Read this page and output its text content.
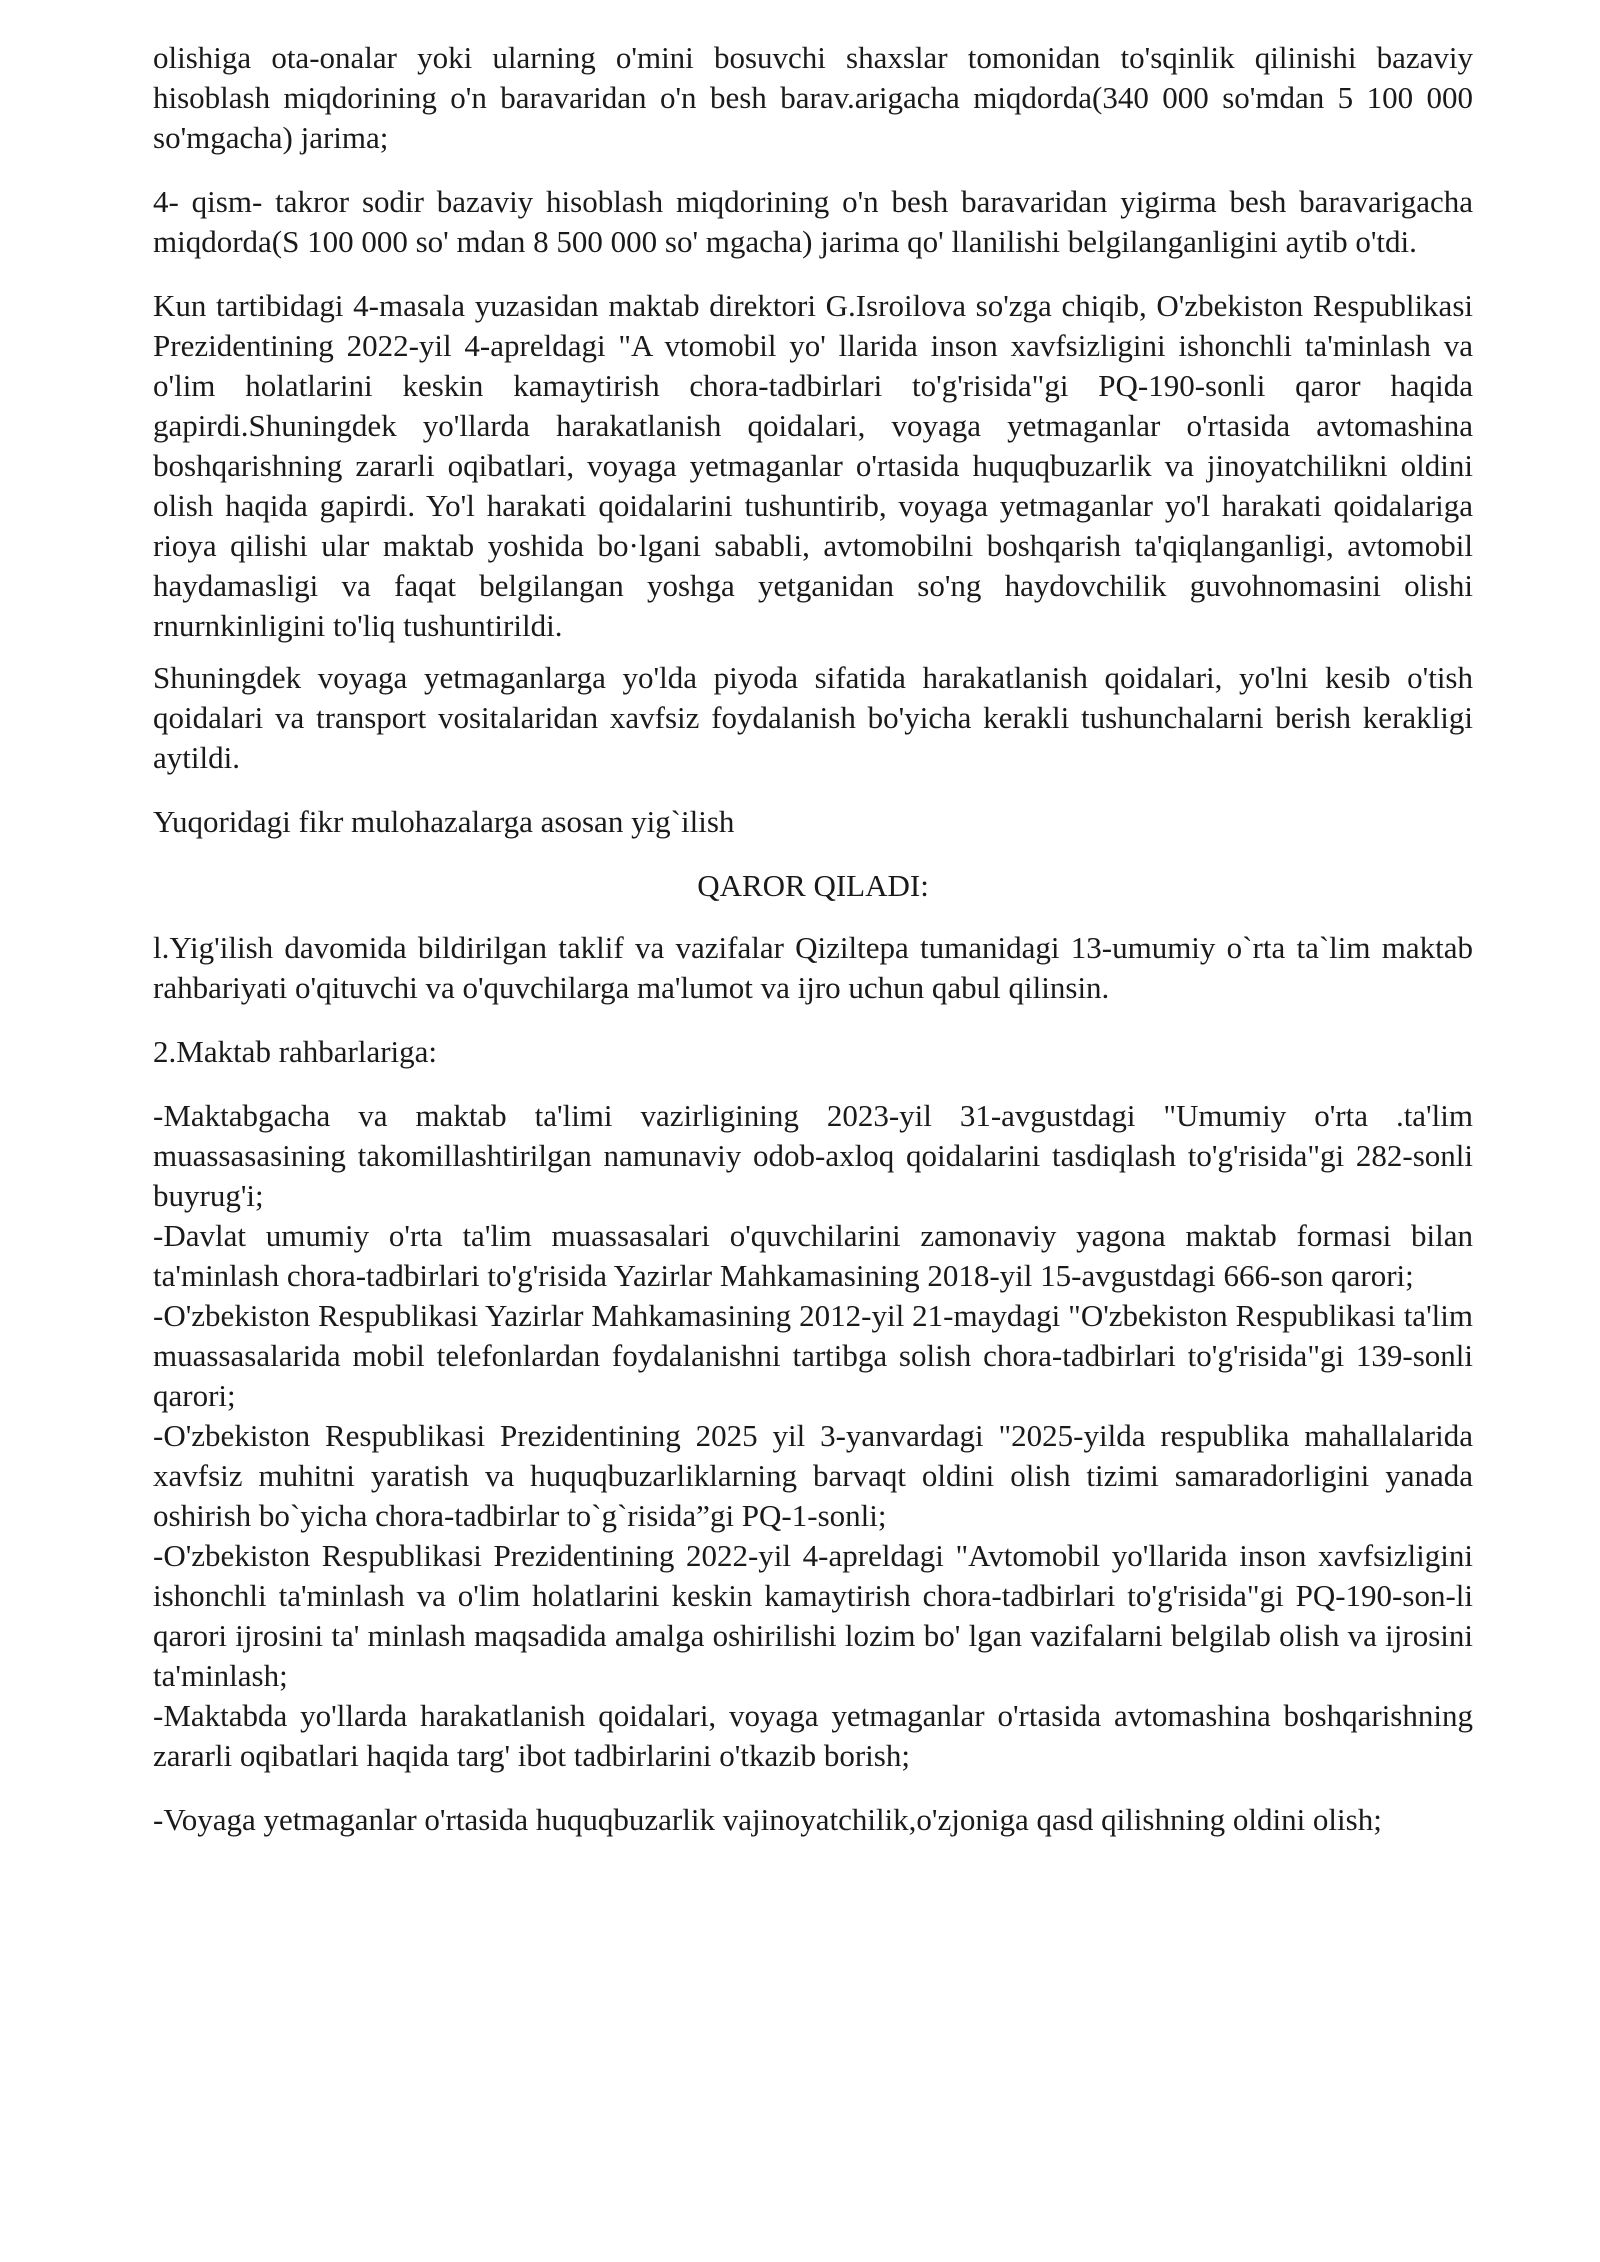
olishiga ota-onalar yoki ularning o'mini bosuvchi shaxslar tomonidan to'sqinlik qilinishi bazaviy hisoblash miqdorining o'n baravaridan o'n besh barav.arigacha miqdorda(340 000 so'mdan 5 100 000 so'mgacha) jarima;

4- qism- takror sodir bazaviy hisoblash miqdorining o'n besh baravaridan yigirma besh baravarigacha miqdorda(S 100 000 so' mdan 8 500 000 so' mgacha) jarima qo' llanilishi belgilanganligini aytib o'tdi.

Kun tartibidagi 4-masala yuzasidan maktab direktori G.Isroilova so'zga chiqib, O'zbekiston Respublikasi Prezidentining 2022-yil 4-apreldagi "A vtomobil yo' llarida inson xavfsizligini ishonchli ta'minlash va o'lim holatlarini keskin kamaytirish chora-tadbirlari to'g'risida"gi PQ-190-sonli qaror haqida gapirdi.Shuningdek yo'llarda harakatlanish qoidalari, voyaga yetmaganlar o'rtasida avtomashina boshqarishning zararli oqibatlari, voyaga yetmaganlar o'rtasida huquqbuzarlik va jinoyatchilikni oldini olish haqida gapirdi. Yo'l harakati qoidalarini tushuntirib, voyaga yetmaganlar yo'l harakati qoidalariga rioya qilishi ular maktab yoshida bo·lgani sababli, avtomobilni boshqarish ta'qiqlanganligi, avtomobil haydamasligi va faqat belgilangan yoshga yetganidan so'ng haydovchilik guvohnomasini olishi rnurnkinligini to'liq tushuntirildi.

Shuningdek voyaga yetmaganlarga yo'lda piyoda sifatida harakatlanish qoidalari, yo'lni kesib o'tish qoidalari va transport vositalaridan xavfsiz foydalanish bo'yicha kerakli tushunchalarni berish kerakligi aytildi.

Yuqoridagi fikr mulohazalarga asosan yig`ilish

QAROR QILADI:

l.Yig'ilish davomida bildirilgan taklif va vazifalar Qiziltepa tumanidagi 13-umumiy o`rta ta`lim maktab rahbariyati o'qituvchi va o'quvchilarga ma'lumot va ijro uchun qabul qilinsin.

2.Maktab rahbarlariga:

-Maktabgacha va maktab ta'limi vazirligining 2023-yil 31-avgustdagi "Umumiy o'rta .ta'lim muassasasining takomillashtirilgan namunaviy odob-axloq qoidalarini tasdiqlash to'g'risida"gi 282-sonli buyrug'i;

-Davlat umumiy o'rta ta'lim muassasalari o'quvchilarini zamonaviy yagona maktab formasi bilan ta'minlash chora-tadbirlari to'g'risida Yazirlar Mahkamasining 2018-yil 15-avgustdagi 666-son qarori;

-O'zbekiston Respublikasi Yazirlar Mahkamasining 2012-yil 21-maydagi "O'zbekiston Respublikasi ta'lim muassasalarida mobil telefonlardan foydalanishni tartibga solish chora-tadbirlari to'g'risida"gi 139-sonli qarori;

-O'zbekiston Respublikasi Prezidentining 2025 yil 3-yanvardagi "2025-yilda respublika mahallalarida xavfsiz muhitni yaratish va huquqbuzarliklarning barvaqt oldini olish tizimi samaradorligini yanada oshirish bo`yicha chora-tadbirlar to`g`risida”gi PQ-1-sonli;

-O'zbekiston Respublikasi Prezidentining 2022-yil 4-apreldagi "Avtomobil yo'llarida inson xavfsizligini ishonchli ta'minlash va o'lim holatlarini keskin kamaytirish chora-tadbirlari to'g'risida"gi PQ-190-son-li qarori ijrosini ta' minlash maqsadida amalga oshirilishi lozim bo' lgan vazifalarni belgilab olish va ijrosini ta'minlash;

-Maktabda yo'llarda harakatlanish qoidalari, voyaga yetmaganlar o'rtasida avtomashina boshqarishning zararli oqibatlari haqida targ' ibot tadbirlarini o'tkazib borish;

-Voyaga yetmaganlar o'rtasida huquqbuzarlik vajinoyatchilik,o'zjoniga qasd qilishning oldini olish;
